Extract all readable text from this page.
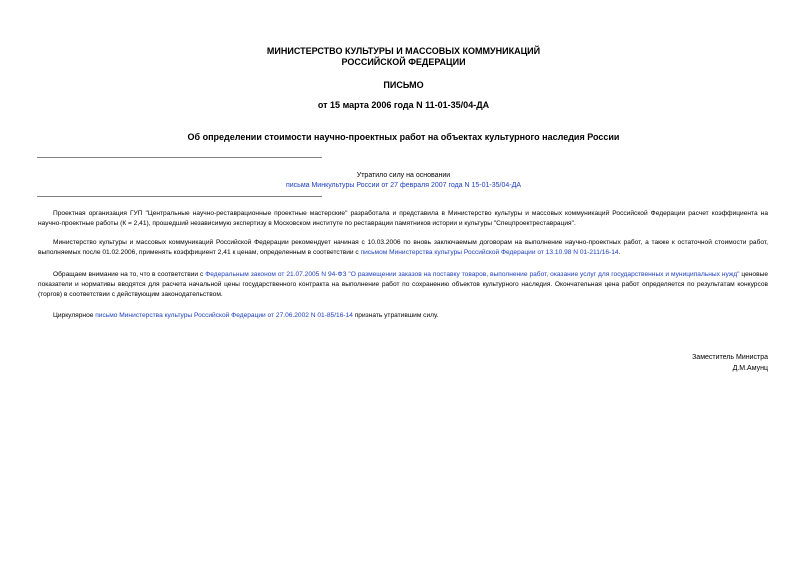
МИНИСТЕРСТВО КУЛЬТУРЫ И МАССОВЫХ КОММУНИКАЦИЙ
РОССИЙСКОЙ ФЕДЕРАЦИИ
ПИСЬМО
от 15 марта 2006 года N 11-01-35/04-ДА
Об определении стоимости научно-проектных работ на объектах культурного наследия России
Утратило силу на основании
письма Минкультуры России от 27 февраля 2007 года N 15-01-35/04-ДА
Проектная организация ГУП "Центральные научно-реставрационные проектные мастерские" разработала и представила в Министерство культуры и массовых коммуникаций Российской Федерации расчет коэффициента на научно-проектные работы (К = 2,41), прошедший независимую экспертизу в Московском институте по реставрации памятников истории и культуры "Спецпроектреставрация".
Министерство культуры и массовых коммуникаций Российской Федерации рекомендует начиная с 10.03.2006 по вновь заключаемым договорам на выполнение научно-проектных работ, а также к остаточной стоимости работ, выполняемых после 01.02.2006, применять коэффициент 2,41 к ценам, определенным в соответствии с письмом Министерства культуры Российской Федерации от 13.10.98 N 01-211/16-14.
Обращаем внимание на то, что в соответствии с Федеральным законом от 21.07.2005 N 94-ФЗ "О размещении заказов на поставку товаров, выполнение работ, оказание услуг для государственных и муниципальных нужд" ценовые показатели и нормативы вводятся для расчета начальной цены государственного контракта на выполнение работ по сохранению объектов культурного наследия. Окончательная цена работ определяется по результатам конкурсов (торгов) в соответствии с действующим законодательством.
Циркулярное письмо Министерства культуры Российской Федерации от 27.06.2002 N 01-85/16-14 признать утратившим силу.
Заместитель Министра
Д.М.Амунц
